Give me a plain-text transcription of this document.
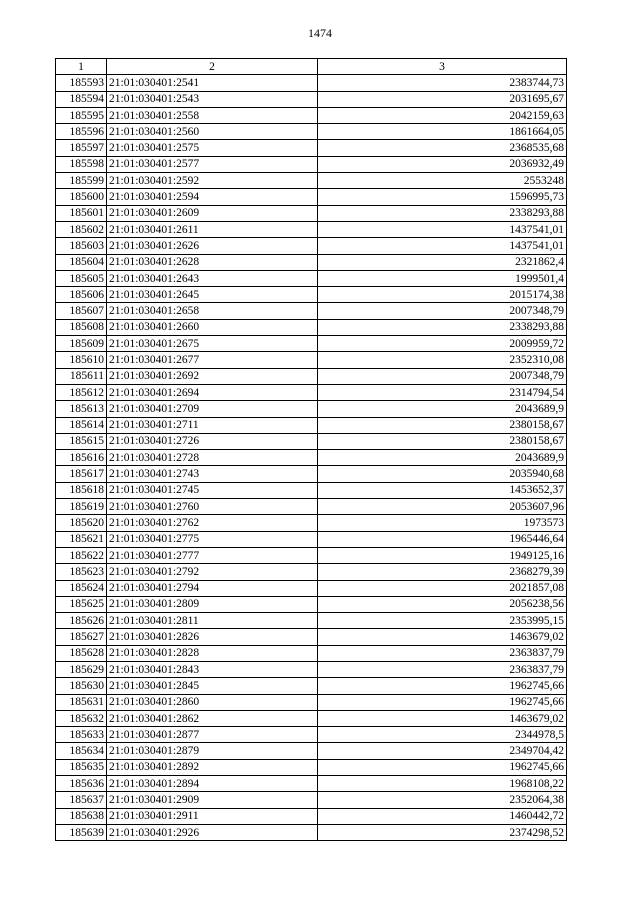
1474
1	2	3
185593	21:01:030401:2541	2383744,73
185594	21:01:030401:2543	2031695,67
185595	21:01:030401:2558	2042159,63
185596	21:01:030401:2560	1861664,05
185597	21:01:030401:2575	2368535,68
185598	21:01:030401:2577	2036932,49
185599	21:01:030401:2592	2553248
185600	21:01:030401:2594	1596995,73
185601	21:01:030401:2609	2338293,88
185602	21:01:030401:2611	1437541,01
185603	21:01:030401:2626	1437541,01
185604	21:01:030401:2628	2321862,4
185605	21:01:030401:2643	1999501,4
185606	21:01:030401:2645	2015174,38
185607	21:01:030401:2658	2007348,79
185608	21:01:030401:2660	2338293,88
185609	21:01:030401:2675	2009959,72
185610	21:01:030401:2677	2352310,08
185611	21:01:030401:2692	2007348,79
185612	21:01:030401:2694	2314794,54
185613	21:01:030401:2709	2043689,9
185614	21:01:030401:2711	2380158,67
185615	21:01:030401:2726	2380158,67
185616	21:01:030401:2728	2043689,9
185617	21:01:030401:2743	2035940,68
185618	21:01:030401:2745	1453652,37
185619	21:01:030401:2760	2053607,96
185620	21:01:030401:2762	1973573
185621	21:01:030401:2775	1965446,64
185622	21:01:030401:2777	1949125,16
185623	21:01:030401:2792	2368279,39
185624	21:01:030401:2794	2021857,08
185625	21:01:030401:2809	2056238,56
185626	21:01:030401:2811	2353995,15
185627	21:01:030401:2826	1463679,02
185628	21:01:030401:2828	2363837,79
185629	21:01:030401:2843	2363837,79
185630	21:01:030401:2845	1962745,66
185631	21:01:030401:2860	1962745,66
185632	21:01:030401:2862	1463679,02
185633	21:01:030401:2877	2344978,5
185634	21:01:030401:2879	2349704,42
185635	21:01:030401:2892	1962745,66
185636	21:01:030401:2894	1968108,22
185637	21:01:030401:2909	2352064,38
185638	21:01:030401:2911	1460442,72
185639	21:01:030401:2926	2374298,52
